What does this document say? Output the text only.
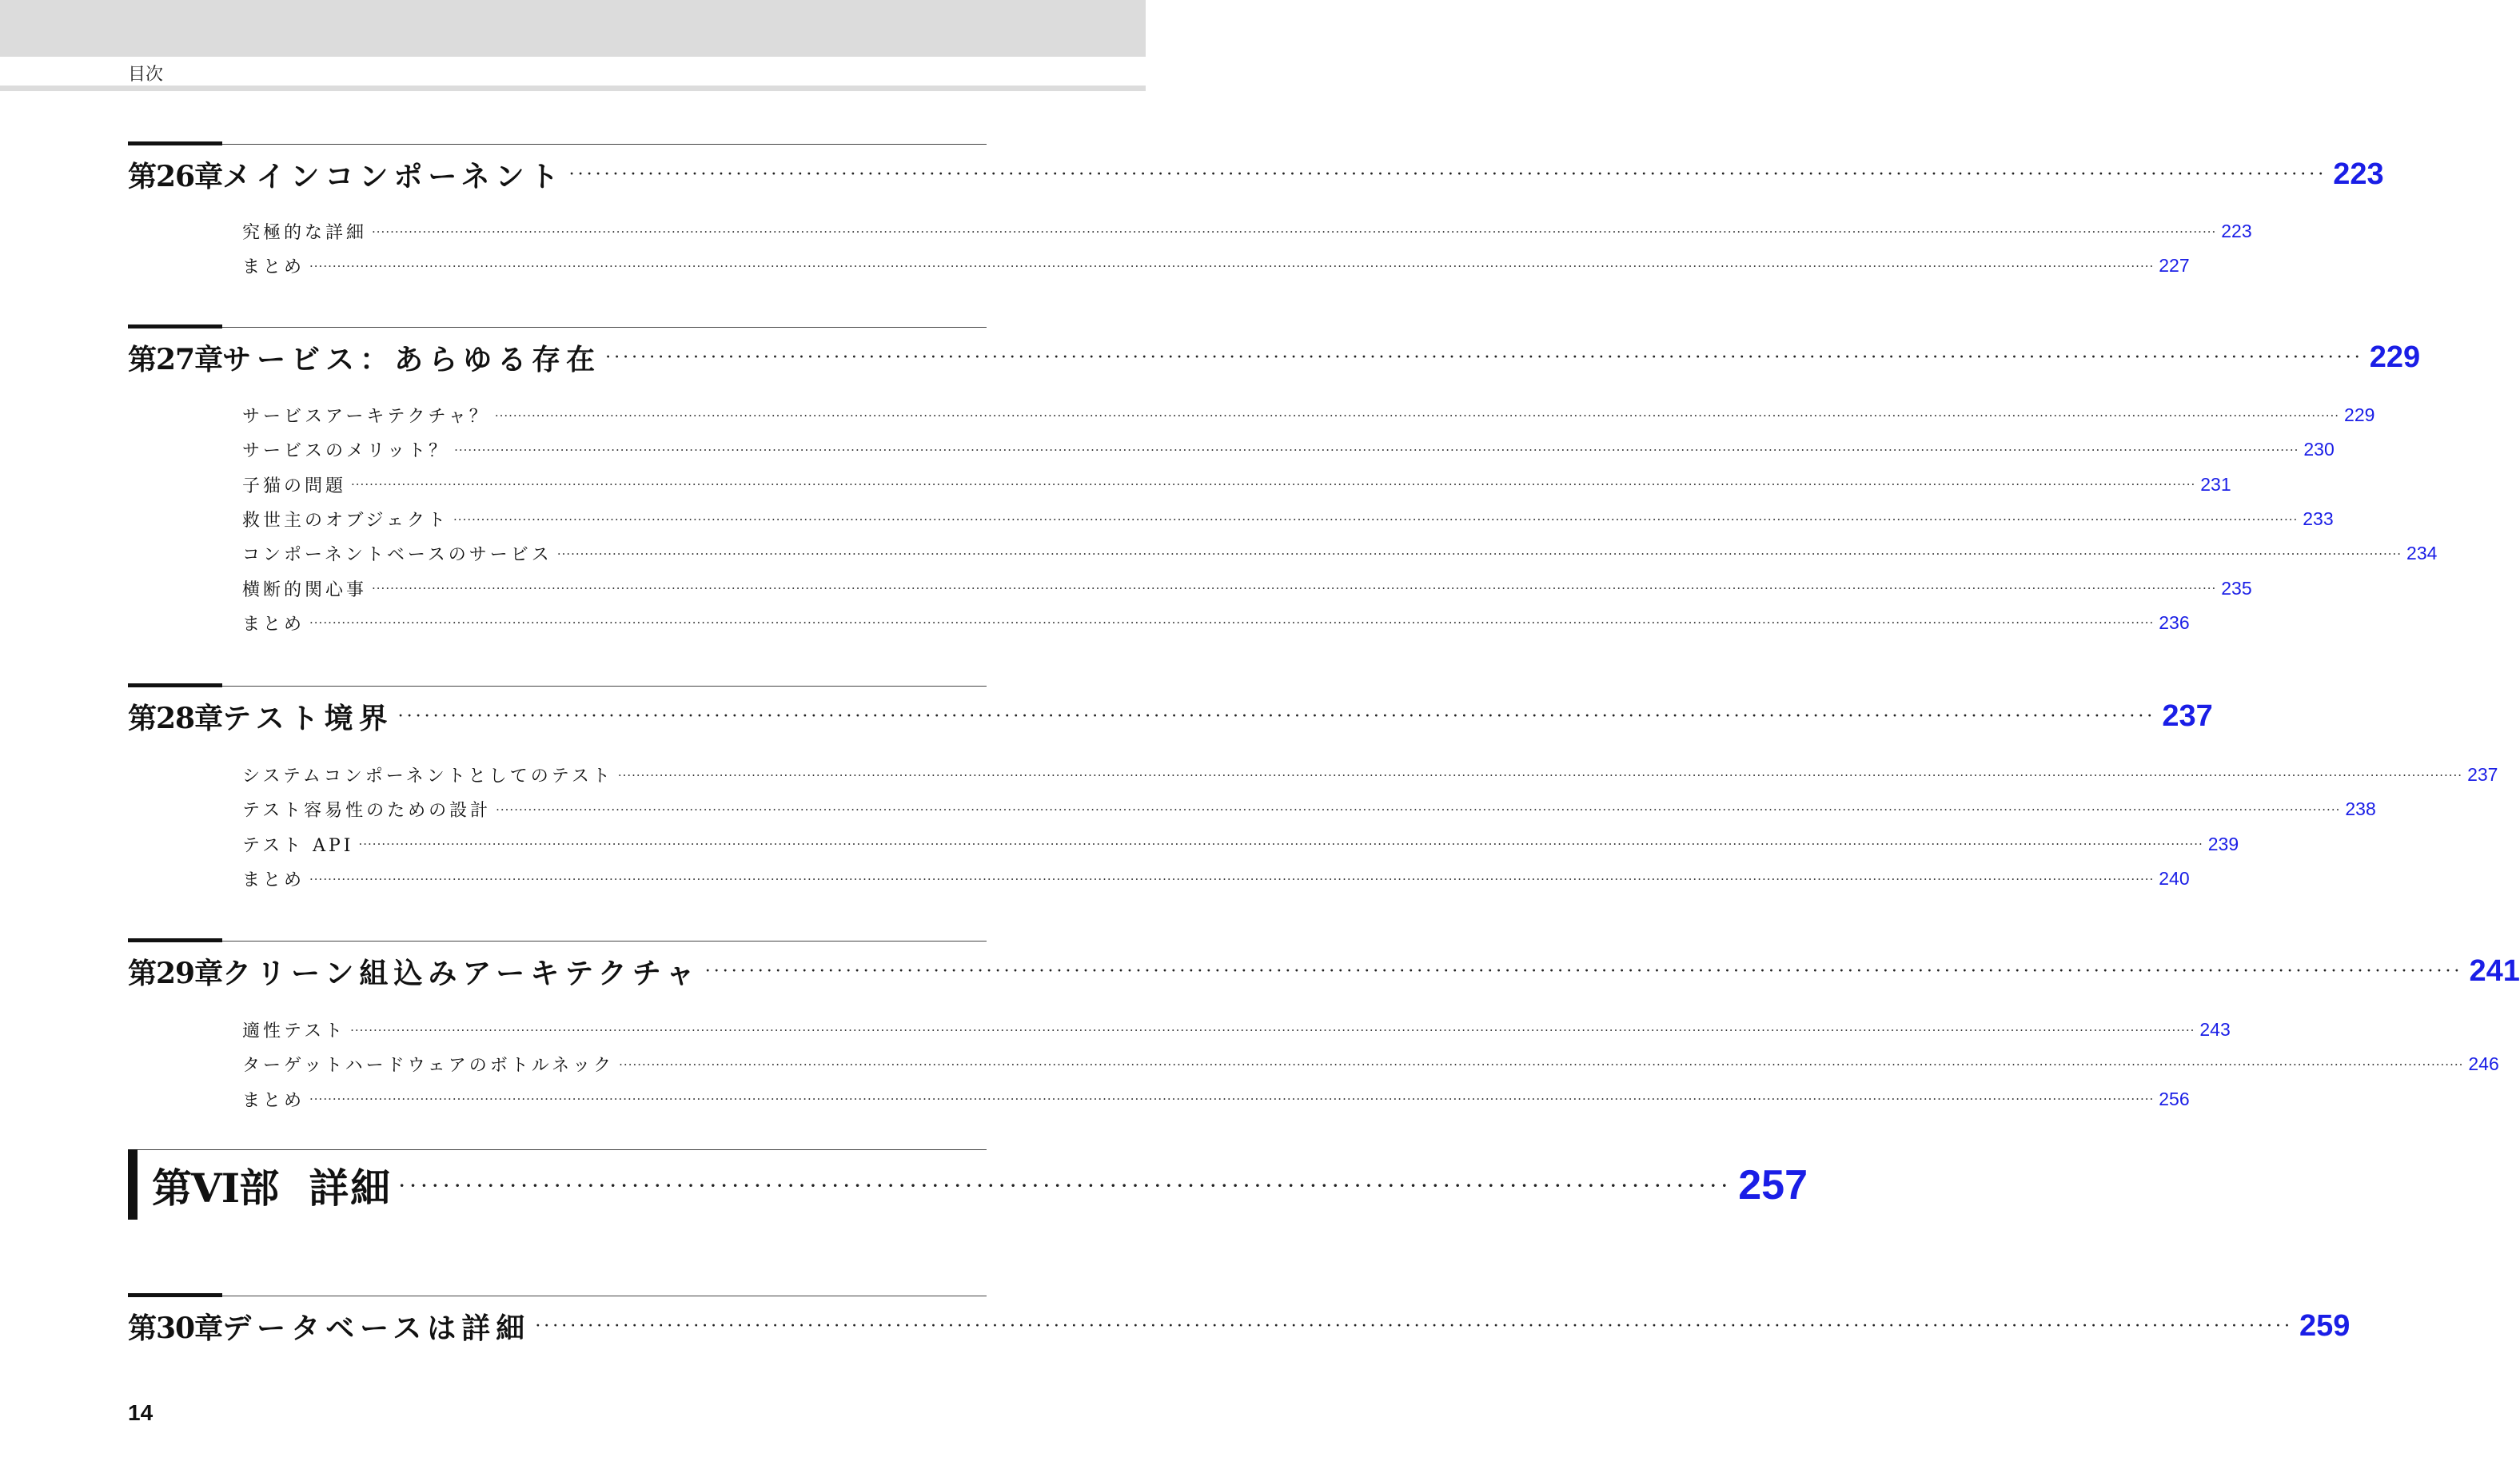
目次
第26章 メインコンポーネント ········································································································································································································ 223
究極的な詳細 ················································································································································································································································································································································································································ 223
まとめ ················································································································································································································································································································································································································ 227
第27章 サービス：あらゆる存在 ········································································································································································································ 229
サービスアーキテクチャ？ ················································································································································································································································································································································································································ 229
サービスのメリット？ ················································································································································································································································································································································································································ 230
子猫の問題 ················································································································································································································································································································································································································ 231
救世主のオブジェクト ················································································································································································································································································································································································································ 233
コンポーネントベースのサービス ················································································································································································································································································································································································································ 234
横断的関心事 ················································································································································································································································································································································································································ 235
まとめ ················································································································································································································································································································································································································ 236
第28章 テスト境界 ········································································································································································································ 237
システムコンポーネントとしてのテスト ················································································································································································································································································································································································································ 237
テスト容易性のための設計 ················································································································································································································································································································································································································ 238
テスト API ················································································································································································································································································································································································································ 239
まとめ ················································································································································································································································································································································································································ 240
第29章 クリーン組込みアーキテクチャ ········································································································································································································ 241
適性テスト ················································································································································································································································································································································································································ 243
ターゲットハードウェアのボトルネック ················································································································································································································································································································································································································ 246
まとめ ················································································································································································································································································································································································································ 256
第30章 データベースは詳細 ········································································································································································································ 259
第VI部 詳細 ························································································································ 257
14
